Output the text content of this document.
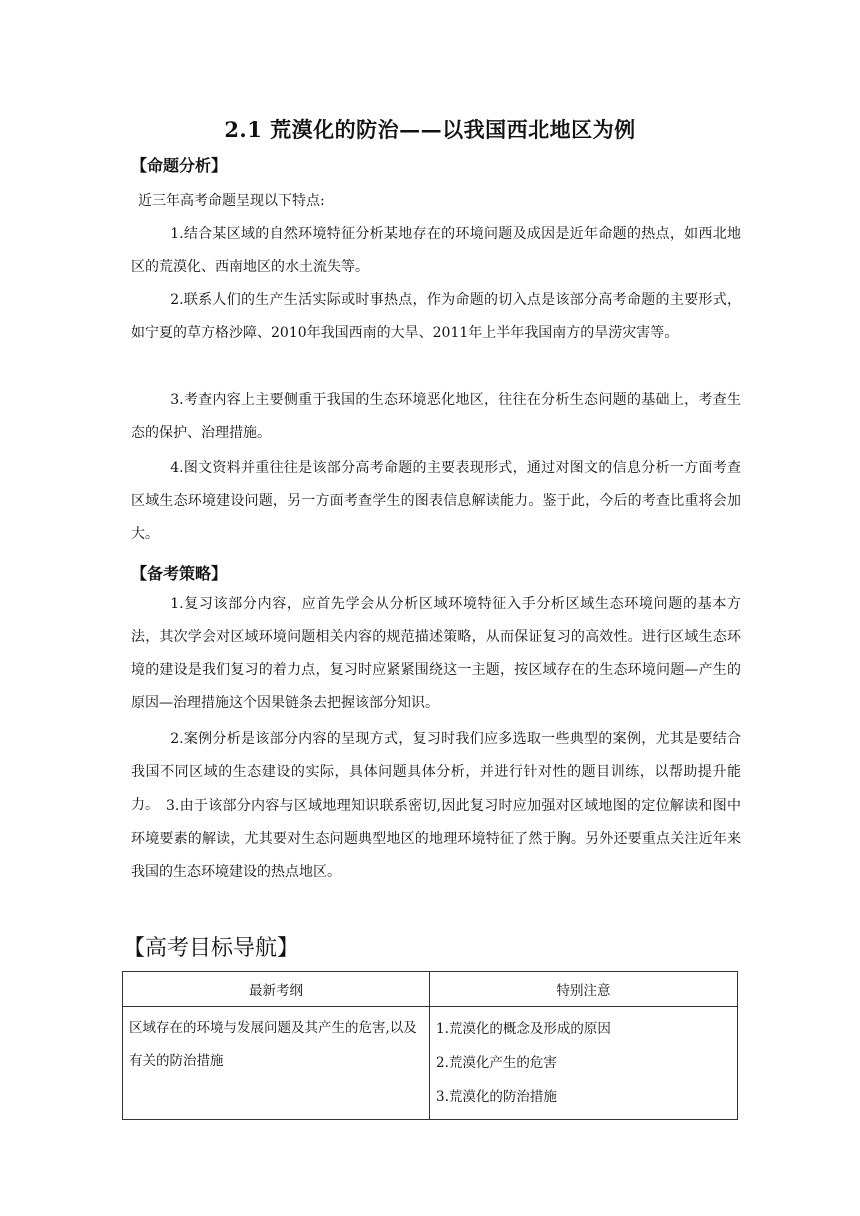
2.1 荒漠化的防治——以我国西北地区为例
【命题分析】
近三年高考命题呈现以下特点:
1.结合某区域的自然环境特征分析某地存在的环境问题及成因是近年命题的热点，如西北地区的荒漠化、西南地区的水土流失等。
2.联系人们的生产生活实际或时事热点，作为命题的切入点是该部分高考命题的主要形式，如宁夏的草方格沙障、2010年我国西南的大旱、2011年上半年我国南方的旱涝灾害等。
3.考查内容上主要侧重于我国的生态环境恶化地区，往往在分析生态问题的基础上，考查生态的保护、治理措施。
4.图文资料并重往往是该部分高考命题的主要表现形式，通过对图文的信息分析一方面考查区域生态环境建设问题，另一方面考查学生的图表信息解读能力。鉴于此，今后的考查比重将会加大。
【备考策略】
1.复习该部分内容，应首先学会从分析区域环境特征入手分析区域生态环境问题的基本方法，其次学会对区域环境问题相关内容的规范描述策略，从而保证复习的高效性。进行区域生态环境的建设是我们复习的着力点，复习时应紧紧围绕这一主题，按区域存在的生态环境问题—产生的原因—治理措施这个因果链条去把握该部分知识。
2.案例分析是该部分内容的呈现方式，复习时我们应多选取一些典型的案例，尤其是要结合我国不同区域的生态建设的实际，具体问题具体分析，并进行针对性的题目训练，以帮助提升能力。 3.由于该部分内容与区域地理知识联系密切,因此复习时应加强对区域地图的定位解读和图中环境要素的解读，尤其要对生态问题典型地区的地理环境特征了然于胸。另外还要重点关注近年来我国的生态环境建设的热点地区。
【高考目标导航】
最新考纲	特别注意

区域存在的环境与发展问题及其产生的危害,以及有关的防治措施	1.荒漠化的概念及形成的原因
2.荒漠化产生的危害
3.荒漠化的防治措施
